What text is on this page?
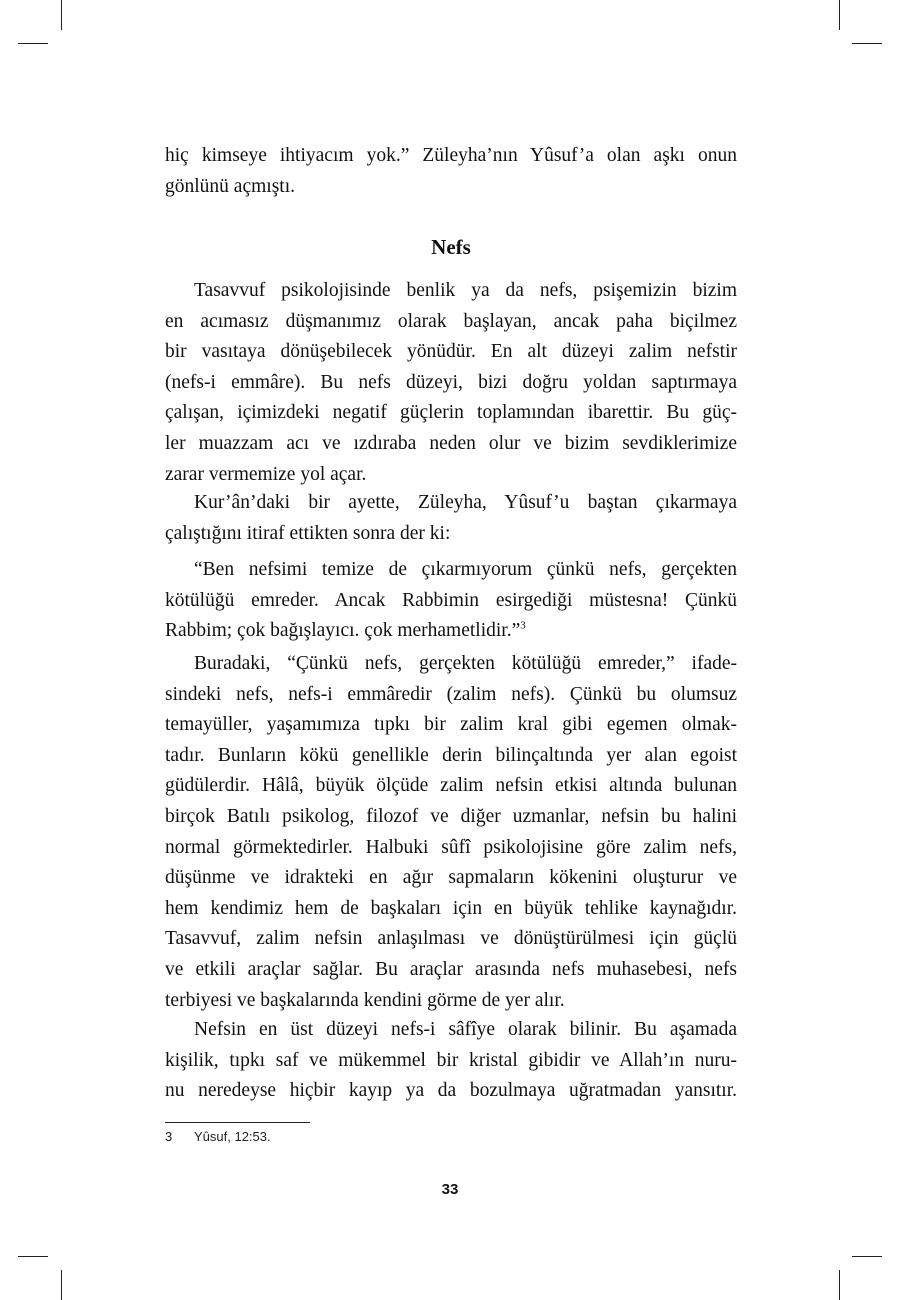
hiç kimseye ihtiyacım yok.” Züleyha’nın Yûsuf’a olan aşkı onun
gönlünü açmıştı.
Nefs
Tasavvuf psikolojisinde benlik ya da nefs, psişemizin bizim
en acımasız düşmanımız olarak başlayan, ancak paha biçilmez
bir vasıtaya dönüşebilecek yönüdür. En alt düzeyi zalim nefstir
(nefs-i emmâre). Bu nefs düzeyi, bizi doğru yoldan saptırmaya
çalışan, içimizdeki negatif güçlerin toplamından ibarettir. Bu güç-
ler muazzam acı ve ızdıraba neden olur ve bizim sevdiklerimize
zarar vermemize yol açar.
Kur’ân’daki bir ayette, Züleyha, Yûsuf’u baştan çıkarmaya
çalıştığını itiraf ettikten sonra der ki:
“Ben nefsimi temize de çıkarmıyorum çünkü nefs, gerçekten
kötülüğü emreder. Ancak Rabbimin esirgediği müstesna! Çünkü
Rabbim; çok bağışlayıcı. çok merhametlidir.”$^3$
Buradaki, “Çünkü nefs, gerçekten kötülüğü emreder,” ifade-
sindeki nefs, nefs-i emmâredir (zalim nefs). Çünkü bu olumsuz
temayüller, yaşamımıza tıpkı bir zalim kral gibi egemen olmak-
tadır. Bunların kökü genellikle derin bilinçaltında yer alan egoist
güdülerdir. Hâlâ, büyük ölçüde zalim nefsin etkisi altında bulunan
birçok Batılı psikolog, filozof ve diğer uzmanlar, nefsin bu halini
normal görmektedirler. Halbuki sûfî psikolojisine göre zalim nefs,
düşünme ve idrakteki en ağır sapmaların kökenini oluşturur ve
hem kendimiz hem de başkaları için en büyük tehlike kaynağıdır.
Tasavvuf, zalim nefsin anlaşılması ve dönüştürülmesi için güçlü
ve etkili araçlar sağlar. Bu araçlar arasında nefs muhasebesi, nefs
terbiyesi ve başkalarında kendini görme de yer alır.
Nefsin en üst düzeyi nefs-i sâfîye olarak bilinir. Bu aşamada
kişilik, tıpkı saf ve mükemmel bir kristal gibidir ve Allah’ın nuru-
nu neredeyse hiçbir kayıp ya da bozulmaya uğratmadan yansıtır.
3 Yûsuf, 12:53.
33
